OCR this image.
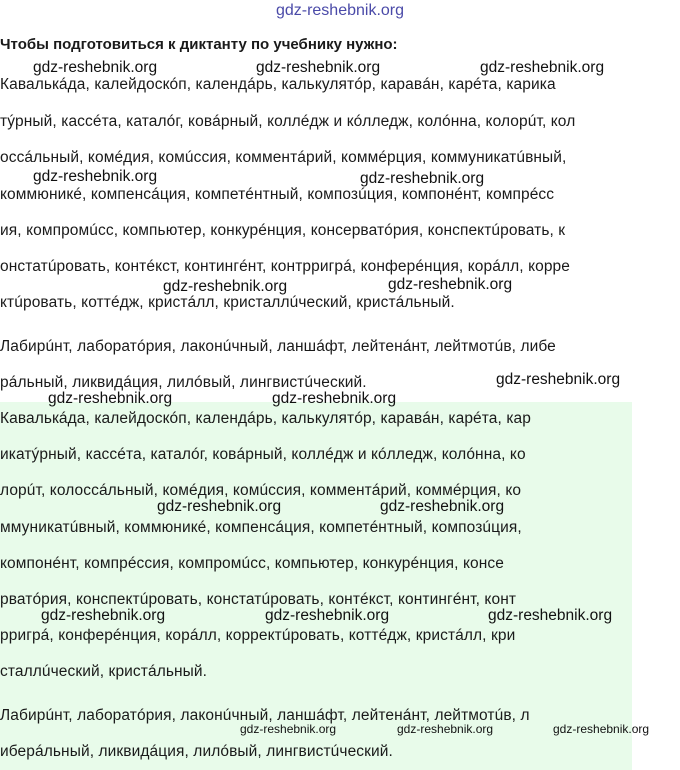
gdz-reshebnik.org
Чтобы подготовиться к диктанту по учебнику нужно:
Кавалькáда, калейдоскóп, календáрь, калькулятóр, каравáн, карéта, карика
тýрный, кассéта, каталóг, ковáрный, коллéдж и кóлледж, колóнна, колорúт, кол
оссáльный, комéдия, комúссия, комментáрий, коммéрция, коммуникатúвный,
коммюникé, компенсáция, компетéнтный, композúция, компонéнт, компрéсс
ия, компромúсс, компьютер, конкурéнция, консерватóрия, конспектúровать, к
онстатúровать, контéкст, контингéнт, контрригрá, конферéнция, корáлл, корре
ктúровать, коттéдж, кристáлл, кристаллúческий, кристáльный.
Лабирúнт, лаборатóрия, лаконúчный, ланшáфт, лейтенáнт, лейтмотúв, либе
рáльный, ликвидáция, лилóвый, лингвистúческий.
Кавалькáда, калейдоскóп, календáрь, калькулятóр, каравáн, карéта, кар
икатýрный, кассéта, каталóг, ковáрный, коллéдж и кóлледж, колóнна, ко
лорúт, колоссáльный, комéдия, комúссия, комментáрий, коммéрция, ко
ммуникатúвный, коммюникé, компенсáция, компетéнтный, композúция,
компонéнт, компрéссия, компромúсс, компьютер, конкурéнция, консе
рватóрия, конспектúровать, констатúровать, контéкст, контингéнт, конт
рригрá, конферéнция, корáлл, корректúровать, коттéдж, кристáлл, кри
сталлúческий, кристáльный.
Лабирúнт, лаборатóрия, лаконúчный, ланшáфт, лейтенáнт, лейтмотúв, л
ибеpáльный, ликвидáция, лилóвый, лингвистúческий.
gdz-reshebnik.org	gdz-reshebnik.org	gdz-reshebnik.org
gdz-reshebnik.org	gdz-reshebnik.org
gdz-reshebnik.org	gdz-reshebnik.org
gdz-reshebnik.org
gdz-reshebnik.org	gdz-reshebnik.org
gdz-reshebnik.org	gdz-reshebnik.org
gdz-reshebnik.org	gdz-reshebnik.org	gdz-reshebnik.org
gdz-reshebnik.org	gdz-reshebnik.org	gdz-reshebnik.org
